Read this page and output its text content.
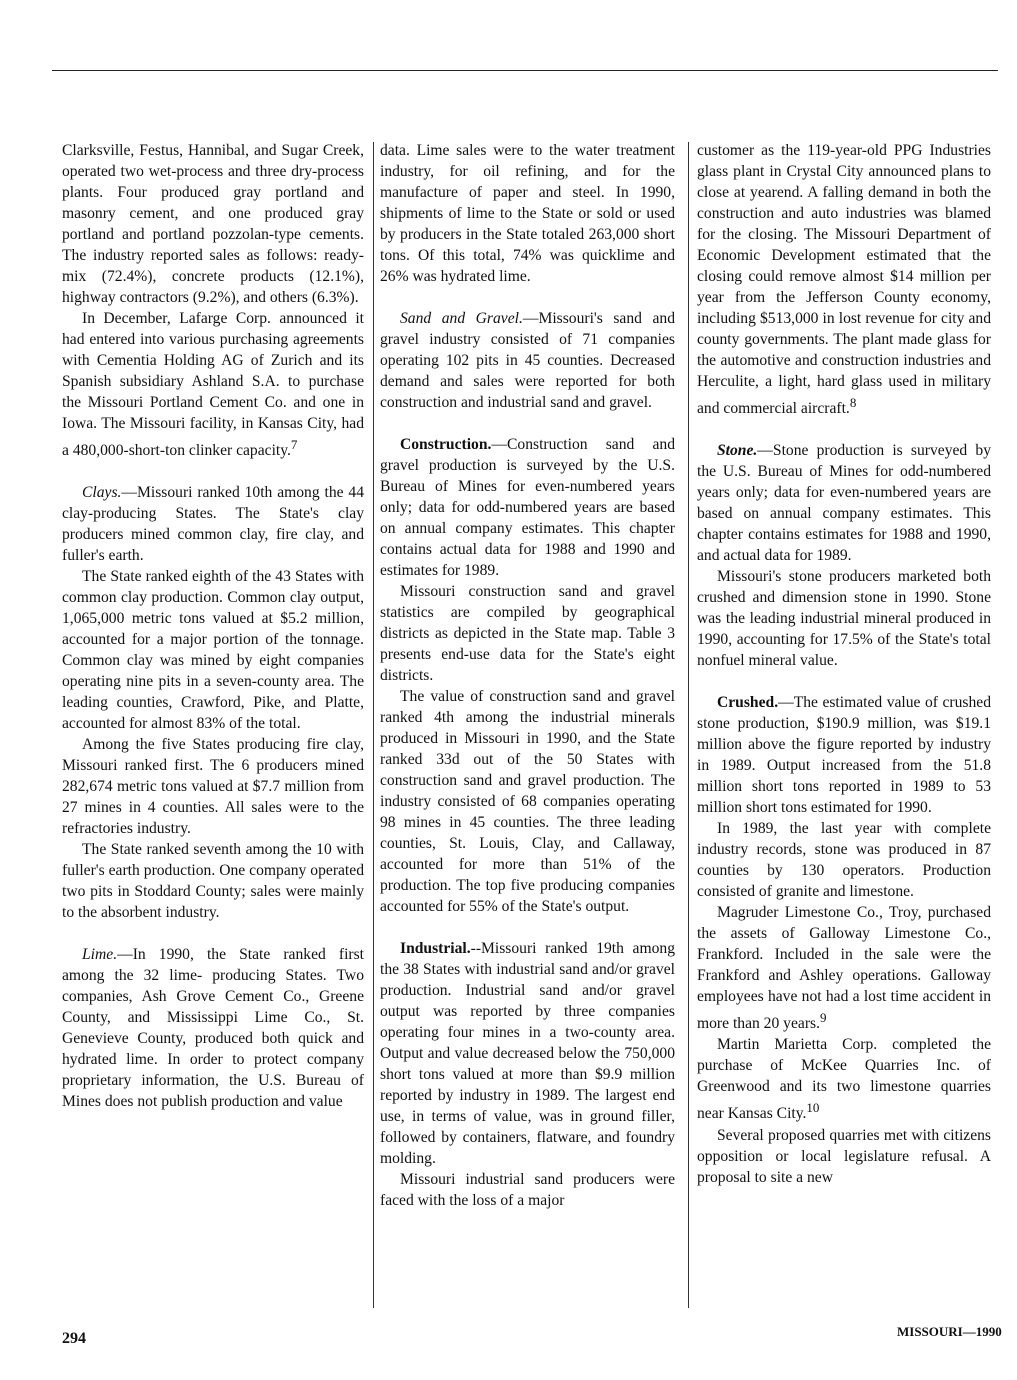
Clarksville, Festus, Hannibal, and Sugar Creek, operated two wet-process and three dry-process plants. Four produced gray portland and masonry cement, and one produced gray portland and portland pozzolan-type cements. The industry reported sales as follows: ready-mix (72.4%), concrete products (12.1%), highway contractors (9.2%), and others (6.3%).

In December, Lafarge Corp. announced it had entered into various purchasing agreements with Cementia Holding AG of Zurich and its Spanish subsidiary Ashland S.A. to purchase the Missouri Portland Cement Co. and one in Iowa. The Missouri facility, in Kansas City, had a 480,000-short-ton clinker capacity.$^7$

Clays.—Missouri ranked 10th among the 44 clay-producing States. The State's clay producers mined common clay, fire clay, and fuller's earth.

The State ranked eighth of the 43 States with common clay production. Common clay output, 1,065,000 metric tons valued at $5.2 million, accounted for a major portion of the tonnage. Common clay was mined by eight companies operating nine pits in a seven-county area. The leading counties, Crawford, Pike, and Platte, accounted for almost 83% of the total.

Among the five States producing fire clay, Missouri ranked first. The 6 producers mined 282,674 metric tons valued at $7.7 million from 27 mines in 4 counties. All sales were to the refractories industry.

The State ranked seventh among the 10 with fuller's earth production. One company operated two pits in Stoddard County; sales were mainly to the absorbent industry.

Lime.—In 1990, the State ranked first among the 32 lime- producing States. Two companies, Ash Grove Cement Co., Greene County, and Mississippi Lime Co., St. Genevieve County, produced both quick and hydrated lime. In order to protect company proprietary information, the U.S. Bureau of Mines does not publish production and value

data. Lime sales were to the water treatment industry, for oil refining, and for the manufacture of paper and steel. In 1990, shipments of lime to the State or sold or used by producers in the State totaled 263,000 short tons. Of this total, 74% was quicklime and 26% was hydrated lime.

Sand and Gravel.—Missouri's sand and gravel industry consisted of 71 companies operating 102 pits in 45 counties. Decreased demand and sales were reported for both construction and industrial sand and gravel.

Construction.—Construction sand and gravel production is surveyed by the U.S. Bureau of Mines for even-numbered years only; data for odd-numbered years are based on annual company estimates. This chapter contains actual data for 1988 and 1990 and estimates for 1989.

Missouri construction sand and gravel statistics are compiled by geographical districts as depicted in the State map. Table 3 presents end-use data for the State's eight districts.

The value of construction sand and gravel ranked 4th among the industrial minerals produced in Missouri in 1990, and the State ranked 33d out of the 50 States with construction sand and gravel production. The industry consisted of 68 companies operating 98 mines in 45 counties. The three leading counties, St. Louis, Clay, and Callaway, accounted for more than 51% of the production. The top five producing companies accounted for 55% of the State's output.

Industrial.--Missouri ranked 19th among the 38 States with industrial sand and/or gravel production. Industrial sand and/or gravel output was reported by three companies operating four mines in a two-county area. Output and value decreased below the 750,000 short tons valued at more than $9.9 million reported by industry in 1989. The largest end use, in terms of value, was in ground filler, followed by containers, flatware, and foundry molding.

Missouri industrial sand producers were faced with the loss of a major

customer as the 119-year-old PPG Industries glass plant in Crystal City announced plans to close at yearend. A falling demand in both the construction and auto industries was blamed for the closing. The Missouri Department of Economic Development estimated that the closing could remove almost $14 million per year from the Jefferson County economy, including $513,000 in lost revenue for city and county governments. The plant made glass for the automotive and construction industries and Herculite, a light, hard glass used in military and commercial aircraft.$^8$

Stone.—Stone production is surveyed by the U.S. Bureau of Mines for odd-numbered years only; data for even-numbered years are based on annual company estimates. This chapter contains estimates for 1988 and 1990, and actual data for 1989.

Missouri's stone producers marketed both crushed and dimension stone in 1990. Stone was the leading industrial mineral produced in 1990, accounting for 17.5% of the State's total nonfuel mineral value.

Crushed.—The estimated value of crushed stone production, $190.9 million, was $19.1 million above the figure reported by industry in 1989. Output increased from the 51.8 million short tons reported in 1989 to 53 million short tons estimated for 1990.

In 1989, the last year with complete industry records, stone was produced in 87 counties by 130 operators. Production consisted of granite and limestone.

Magruder Limestone Co., Troy, purchased the assets of Galloway Limestone Co., Frankford. Included in the sale were the Frankford and Ashley operations. Galloway employees have not had a lost time accident in more than 20 years.$^9$

Martin Marietta Corp. completed the purchase of McKee Quarries Inc. of Greenwood and its two limestone quarries near Kansas City.$^{10}$

Several proposed quarries met with citizens opposition or local legislature refusal. A proposal to site a new

294	MISSOURI—1990
